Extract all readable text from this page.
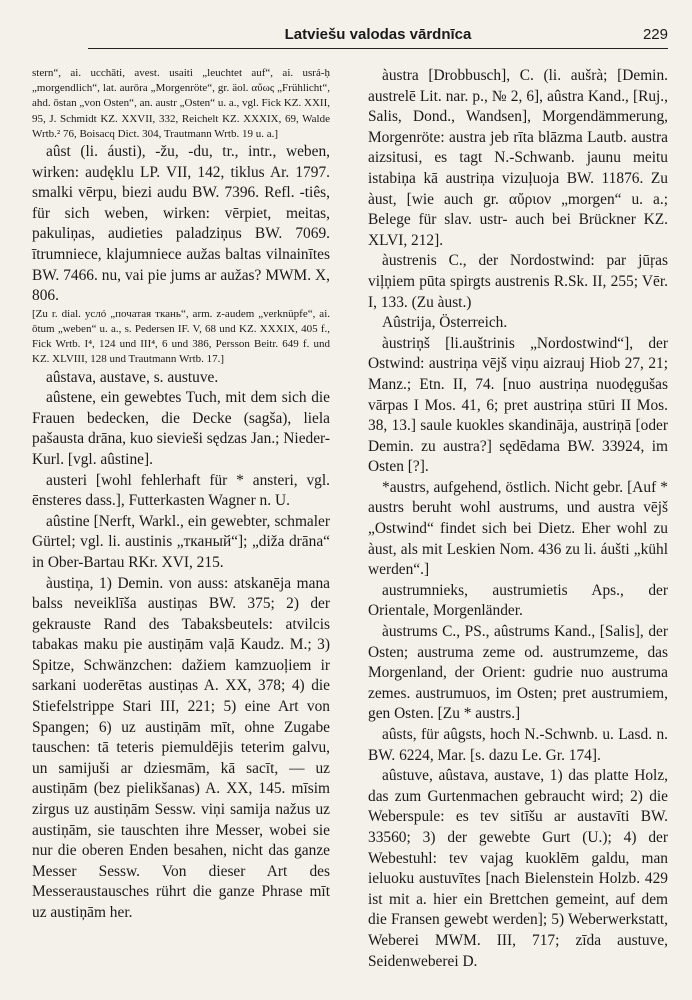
Latviešu valodas vārdnīca	229

stern“, ai. ucchāti, avest. usaiti „leuchtet auf“, ai. usrá-ḥ „morgendlich“, lat. aurōra „Morgenröte“, gr. äol. αὔως „Frühlicht“, ahd. ōstan „von Osten“, an. austr „Osten“ u. a., vgl. Fick KZ. XXII, 95, J. Schmidt KZ. XXVII, 332, Reichelt KZ. XXXIX, 69, Walde Wrtb.² 76, Boisacq Dict. 304, Trautmann Wrtb. 19 u. a.]

aûst (li. áusti), -žu, -du, tr., intr., weben, wirken: audęklu LP. VII, 142, tiklus Ar. 1797. smalki vērpu, biezi audu BW. 7396. Refl. -tiês, für sich weben, wirken: vērpiet, meitas, pakuliņas, audieties paladziņus BW. 7069. ītrumniece, klajumniece aužas baltas vilnainītes BW. 7466. nu, vai pie jums ar aužas? MWM. X, 806.

[Zu r. dial. услó „початая ткань“, arm. z-audem „verknüpfe“, ai. ōtum „weben“ u. a., s. Pedersen IF. V, 68 und KZ. XXXIX, 405 f., Fick Wrtb. I⁴, 124 und III⁴, 6 und 386, Persson Beitr. 649 f. und KZ. XLVIII, 128 und Trautmann Wrtb. 17.]

aûstava, austave, s. austuve.

aûstene, ein gewebtes Tuch, mit dem sich die Frauen bedecken, die Decke (sagša), liela pašausta drāna, kuo sievieši sędzas Jan.; Nieder-Kurl. [vgl. aûstine].

austeri [wohl fehlerhaft für * ansteri, vgl. ēnsteres dass.], Futterkasten Wagner n. U.

aûstine [Nerft, Warkl., ein gewebter, schmaler Gürtel; vgl. li. austinis „тканый“]; „diža drāna“ in Ober-Bartau RKr. XVI, 215.

àustiņa, 1) Demin. von auss: atskanēja mana balss neveiklīša austiņas BW. 375; 2) der gekrauste Rand des Tabaksbeutels: atvilcis tabakas maku pie austiņām vaļā Kaudz. M.; 3) Spitze, Schwänzchen: dažiem kamzuoļiem ir sarkani uoderētas austiņas A. XX, 378; 4) die Stiefelstrippe Stari III, 221; 5) eine Art von Spangen; 6) uz austiņām mīt, ohne Zugabe tauschen: tā teteris piemuldējis teterim galvu, un samijuši ar dziesmām, kā sacīt, — uz austiņām (bez pielikšanas) A. XX, 145. mīsim zirgus uz austiņām Sessw. viņi samija nažus uz austiņām, sie tauschten ihre Messer, wobei sie nur die oberen Enden besahen, nicht das ganze Messer Sessw. Von dieser Art des Messeraustausches rührt die ganze Phrase mīt uz austiņām her.

àustra [Drobbusch], C. (li. aušrà; [Demin. austrelē Lit. nar. p., № 2, 6], aûstra Kand., [Ruj., Salis, Dond., Wandsen], Morgendämmerung, Morgenröte: austra jeb rīta blāzma Lautb. austra aizsitusi, es tagt N.-Schwanb. jaunu meitu istabiņa kā austriņa vizuļuoja BW. 11876. Zu àust, [wie auch gr. αὔριον „morgen“ u. a.; Belege für slav. ustr- auch bei Brückner KZ. XLVI, 212].

àustrenis C., der Nordostwind: par jūŗas viļņiem pūta spirgts austrenis R.Sk. II, 255; Vēr. I, 133. (Zu àust.)

Aûstrija, Österreich.

àustriņš [li.auštrinis „Nordostwind“], der Ostwind: austriņa vējš viņu aizrauj Hiob 27, 21; Manz.; Etn. II, 74. [nuo austriņa nuodęgušas vārpas I Mos. 41, 6; pret austriņa stūri II Mos. 38, 13.] saule kuokles skandināja, austriņā [oder Demin. zu austra?] sędēdama BW. 33924, im Osten [?].

*austrs, aufgehend, östlich. Nicht gebr. [Auf * austrs beruht wohl austrums, und austra vējš „Ostwind“ findet sich bei Dietz. Eher wohl zu àust, als mit Leskien Nom. 436 zu li. áušti „kühl werden“.]

austrumnieks, austrumietis Aps., der Orientale, Morgenländer.

àustrums C., PS., aûstrums Kand., [Salis], der Osten; austruma zeme od. austrumzeme, das Morgenland, der Orient: gudrie nuo austruma zemes. austrumuos, im Osten; pret austrumiem, gen Osten. [Zu * austrs.]

aûsts, für aûgsts, hoch N.-Schwnb. u. Lasd. n. BW. 6224, Mar. [s. dazu Le. Gr. 174].

aûstuve, aûstava, austave, 1) das platte Holz, das zum Gurtenmachen gebraucht wird; 2) die Weberspule: es tev sitīšu ar austavīti BW. 33560; 3) der gewebte Gurt (U.); 4) der Webestuhl: tev vajag kuoklēm galdu, man ieluoku austuvītes [nach Bielenstein Holzb. 429 ist mit a. hier ein Brettchen gemeint, auf dem die Fransen gewebt werden]; 5) Weberwerkstatt, Weberei MWM. III, 717; zīda austuve, Seidenweberei D.
